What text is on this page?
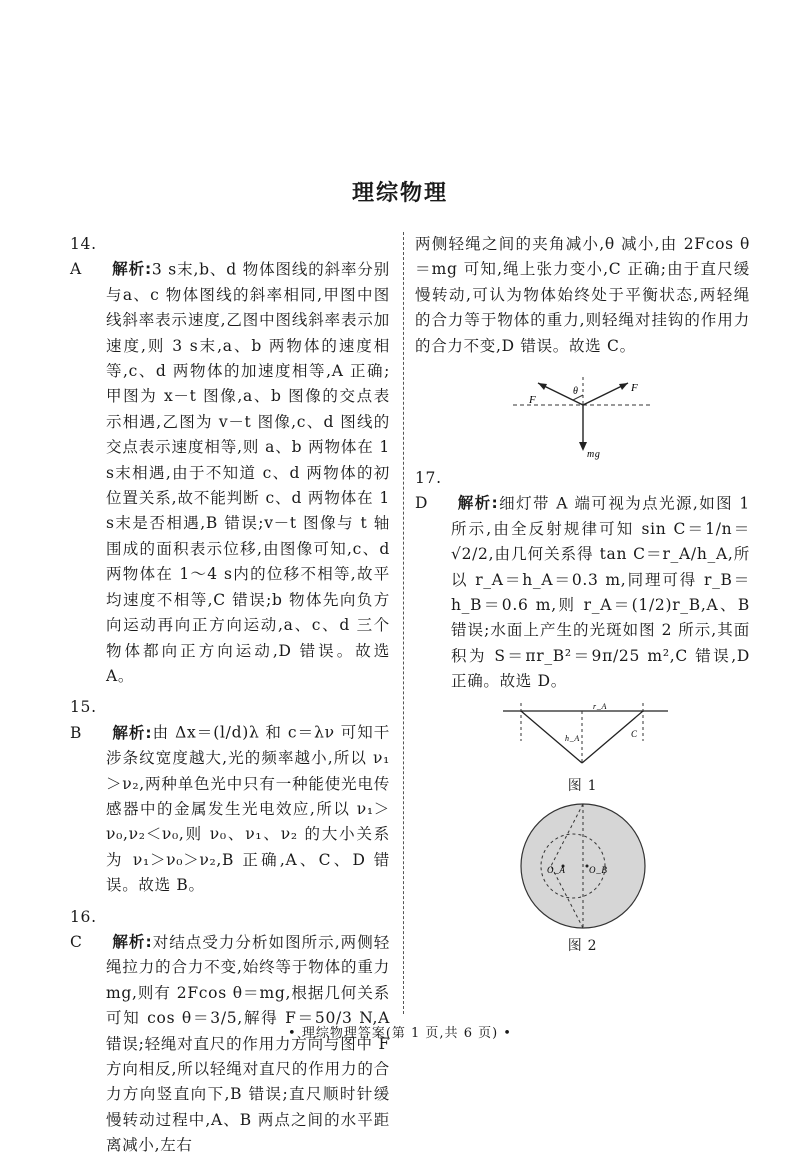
理综物理

14. A 解析:3 s末,b、d 物体图线的斜率分别与a、c 物体图线的斜率相同,甲图中图线斜率表示速度,乙图中图线斜率表示加速度,则 3 s末,a、b 两物体的速度相等,c、d 两物体的加速度相等,A 正确;甲图为 x－t 图像,a、b 图像的交点表示相遇,乙图为 v－t 图像,c、d 图线的交点表示速度相等,则 a、b 两物体在 1 s末相遇,由于不知道 c、d 两物体的初位置关系,故不能判断 c、d 两物体在 1 s末是否相遇,B 错误;v－t 图像与 t 轴围成的面积表示位移,由图像可知,c、d 两物体在 1～4 s内的位移不相等,故平均速度不相等,C 错误;b 物体先向负方向运动再向正方向运动,a、c、d 三个物体都向正方向运动,D 错误。故选 A。

15. B 解析:由 Δx＝(l/d)λ 和 c＝λν 可知干涉条纹宽度越大,光的频率越小,所以 ν₁＞ν₂,两种单色光中只有一种能使光电传感器中的金属发生光电效应,所以 ν₁＞ν₀,ν₂＜ν₀,则 ν₀、ν₁、ν₂ 的大小关系为 ν₁＞ν₀＞ν₂,B 正确,A、C、D 错误。故选 B。

16. C 解析:对结点受力分析如图所示,两侧轻绳拉力的合力不变,始终等于物体的重力 mg,则有 2Fcos θ＝mg,根据几何关系可知 cos θ＝3/5,解得 F＝50/3 N,A 错误;轻绳对直尺的作用力方向与图中 F 方向相反,所以轻绳对直尺的作用力的合力方向竖直向下,B 错误;直尺顺时针缓慢转动过程中,A、B 两点之间的水平距离减小,左右

两侧轻绳之间的夹角减小,θ 减小,由 2Fcos θ＝mg 可知,绳上张力变小,C 正确;由于直尺缓慢转动,可认为物体始终处于平衡状态,两轻绳的合力等于物体的重力,则轻绳对挂钩的作用力的合力不变,D 错误。故选 C。

F
F
θ
mg

17. D 解析:细灯带 A 端可视为点光源,如图 1 所示,由全反射规律可知 sin C＝1/n＝√2/2,由几何关系得 tan C＝r_A/h_A,所以 r_A＝h_A＝0.3 m,同理可得 r_B＝h_B＝0.6 m,则 r_A＝(1/2)r_B,A、B 错误;水面上产生的光斑如图 2 所示,其面积为 S＝πr_B²＝9π/25 m²,C 错误,D 正确。故选 D。

r_A
h_A	C
图 1
O_A	O_B
图 2
• 理综物理答案(第 1 页,共 6 页) •
